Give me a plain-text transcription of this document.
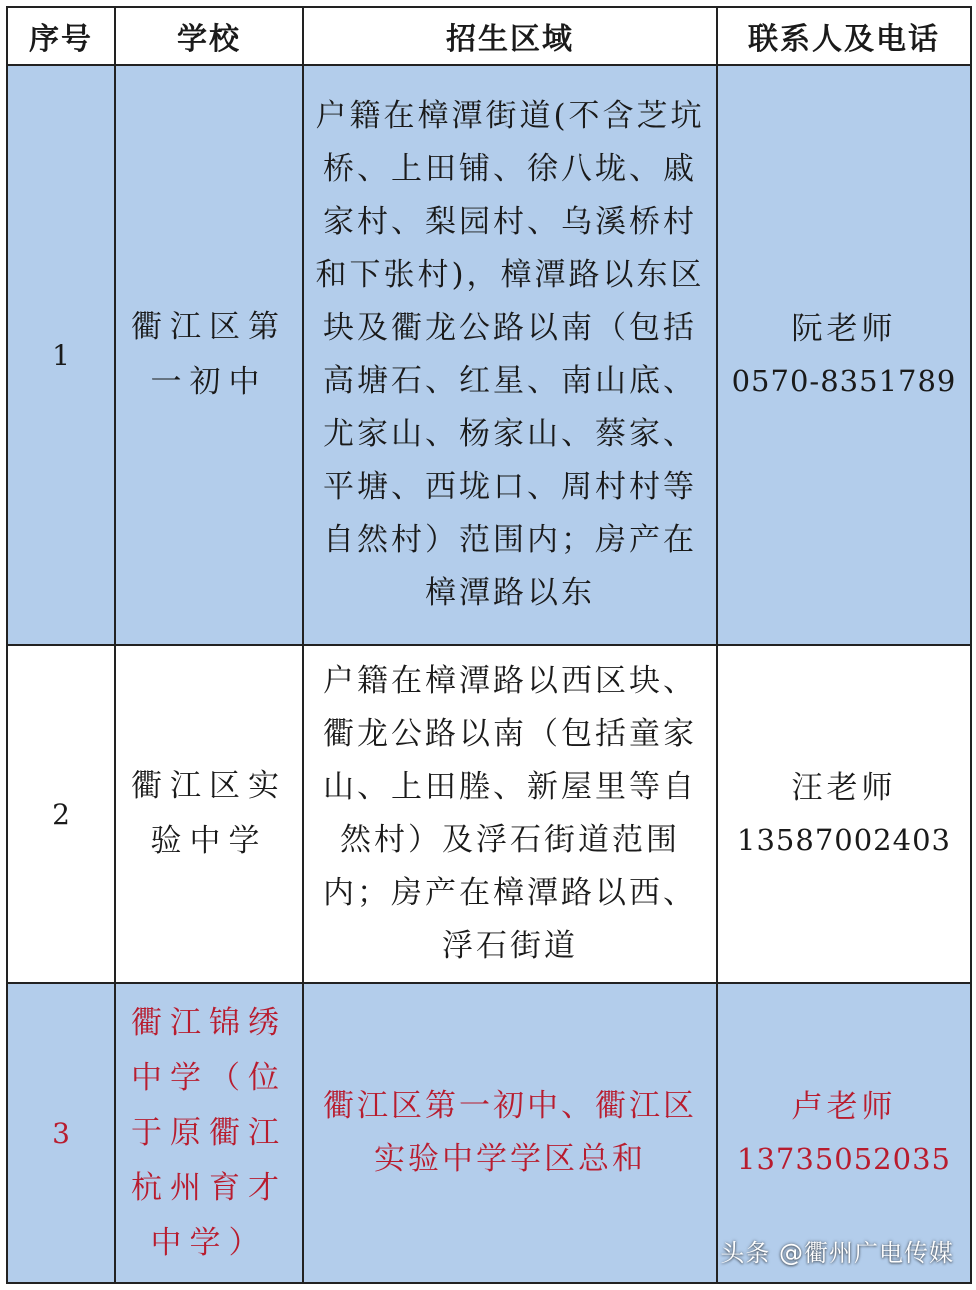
序号	学校	招生区域	联系人及电话
1	衢江区第一初中	户籍在樟潭街道(不含芝坑桥、上田铺、徐八垅、戚家村、梨园村、乌溪桥村和下张村)，樟潭路以东区块及衢龙公路以南（包括高塘石、红星、南山底、尤家山、杨家山、蔡家、平塘、西垅口、周村村等自然村）范围内；房产在樟潭路以东	阮老师
0570-8351789

2	衢江区实验中学	户籍在樟潭路以西区块、衢龙公路以南（包括童家山、上田塍、新屋里等自然村）及浮石街道范围内；房产在樟潭路以西、浮石街道	汪老师
13587002403

3	衢江锦绣中学（位于原衢江杭州育才中学）	衢江区第一初中、衢江区实验中学学区总和	卢老师
13735052035
头条 @衢州广电传媒
